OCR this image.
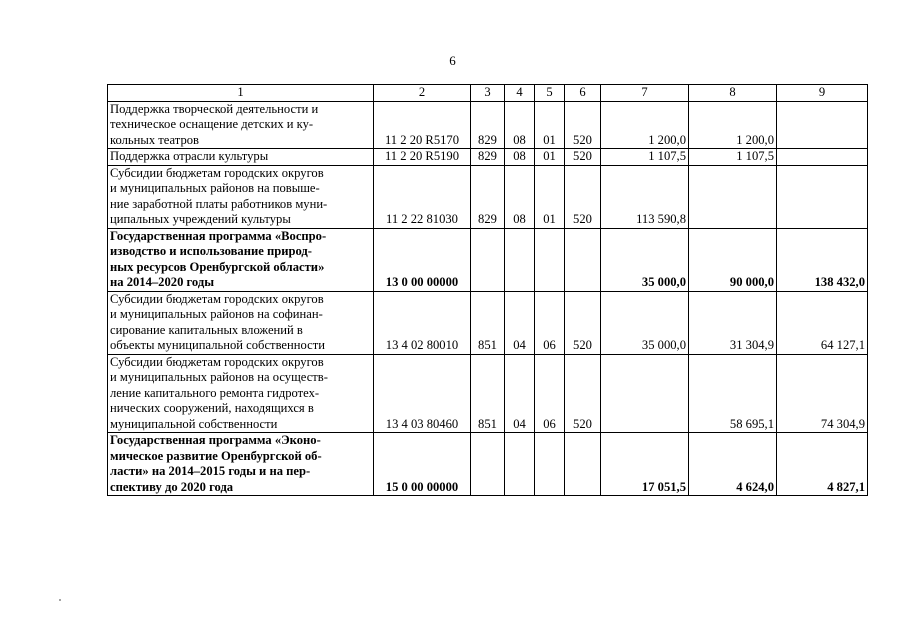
6
1	2	3	4	5	6	7	8	9

Поддержка творческой деятельности и
техническое оснащение детских и ку-
кольных театров	11 2 20 R5170	829	08	01	520	1 200,0	1 200,0	

Поддержка отрасли культуры	11 2 20 R5190	829	08	01	520	1 107,5	1 107,5	

Субсидии бюджетам городских округов
и муниципальных районов на повыше-
ние заработной платы работников муни-
ципальных учреждений культуры	11 2 22 81030	829	08	01	520	113 590,8		

Государственная программа «Воспро-
изводство и использование природ-
ных ресурсов Оренбургской области»
на 2014–2020 годы	13 0 00 00000					35 000,0	90 000,0	138 432,0

Субсидии бюджетам городских округов
и муниципальных районов на софинан-
сирование капитальных вложений в
объекты муниципальной собственности	13 4 02 80010	851	04	06	520	35 000,0	31 304,9	64 127,1

Субсидии бюджетам городских округов
и муниципальных районов на осуществ-
ление капитального ремонта гидротех-
нических сооружений, находящихся в
муниципальной собственности	13 4 03 80460	851	04	06	520		58 695,1	74 304,9

Государственная программа «Эконо-
мическое развитие Оренбургской об-
ласти» на 2014–2015 годы и на пер-
спективу до 2020 года	15 0 00 00000					17 051,5	4 624,0	4 827,1
